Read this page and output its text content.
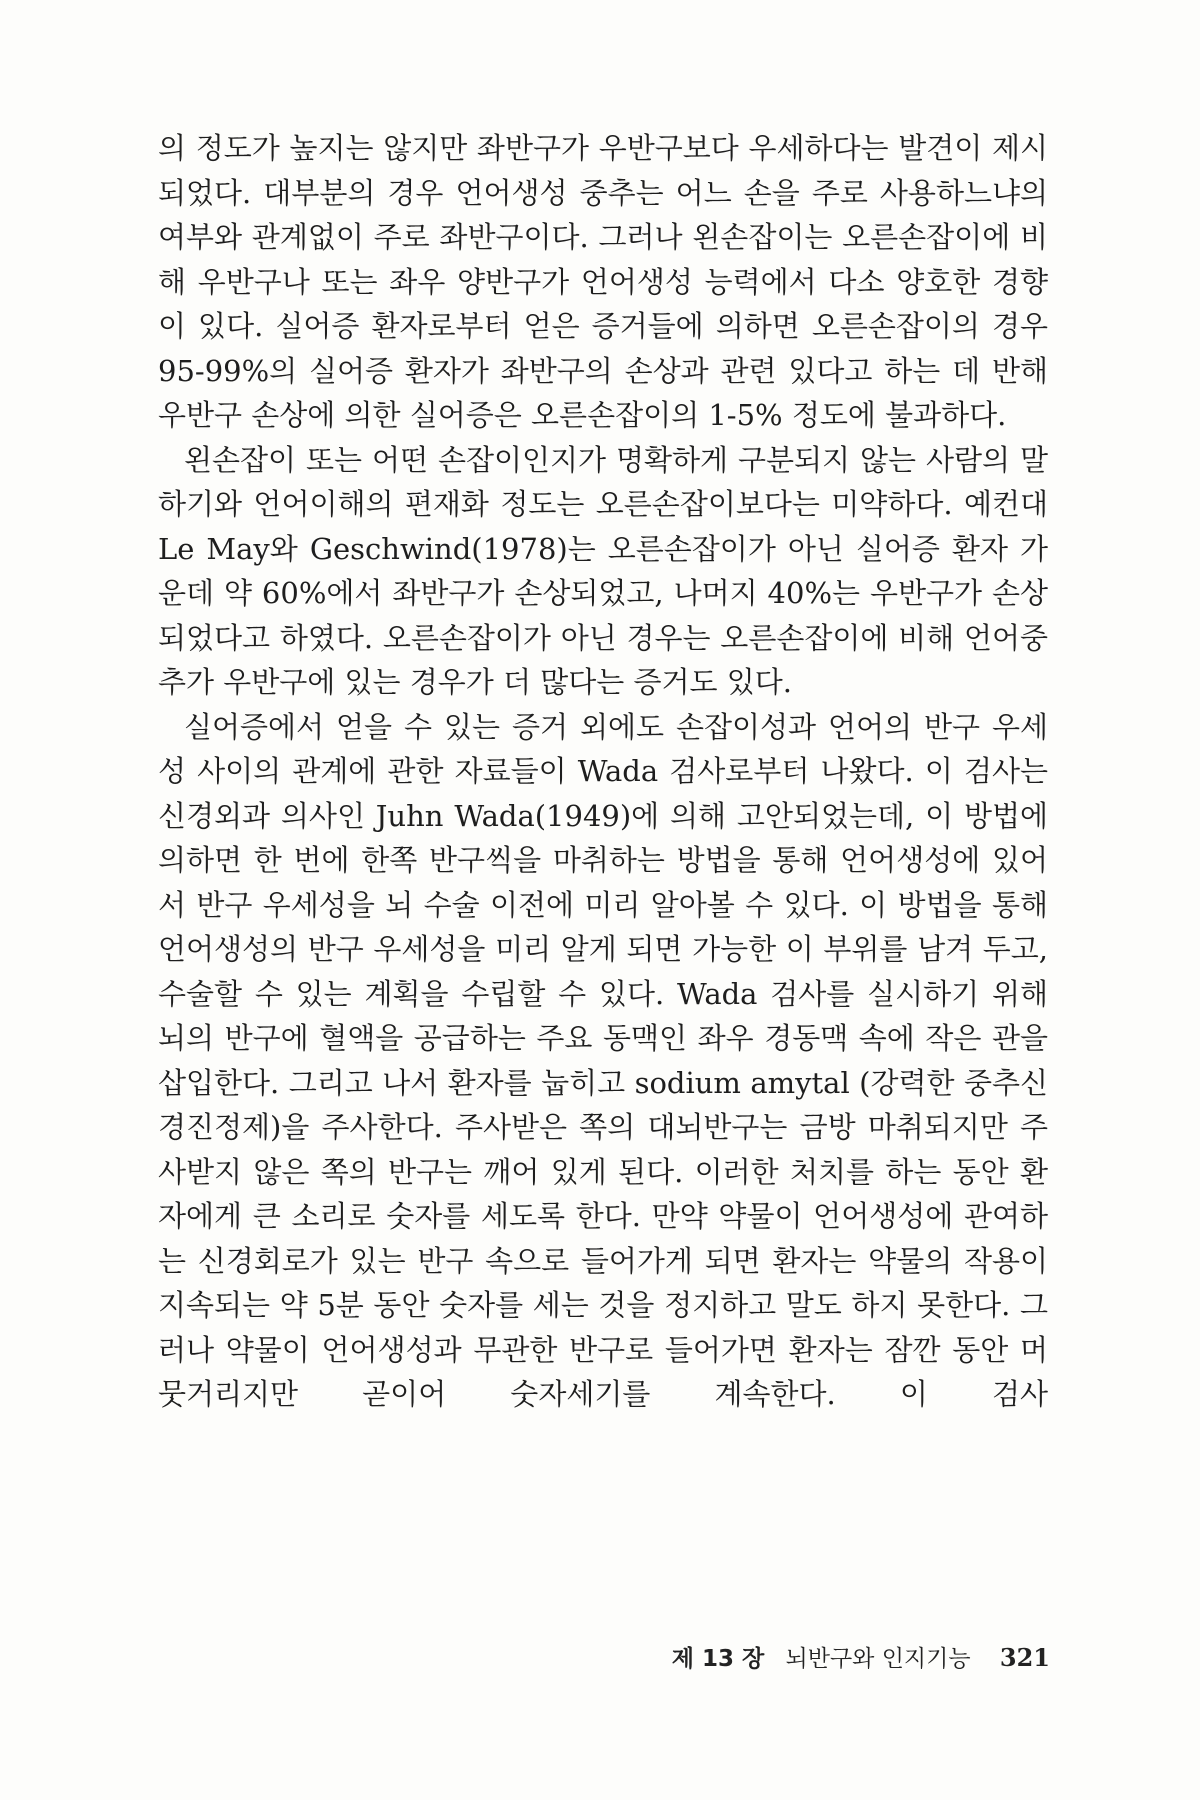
의 정도가 높지는 않지만 좌반구가 우반구보다 우세하다는 발견이 제시되었다. 대부분의 경우 언어생성 중추는 어느 손을 주로 사용하느냐의 여부와 관계없이 주로 좌반구이다. 그러나 왼손잡이는 오른손잡이에 비해 우반구나 또는 좌우 양반구가 언어생성 능력에서 다소 양호한 경향이 있다. 실어증 환자로부터 얻은 증거들에 의하면 오른손잡이의 경우 95-99%의 실어증 환자가 좌반구의 손상과 관련 있다고 하는 데 반해 우반구 손상에 의한 실어증은 오른손잡이의 1-5% 정도에 불과하다.

왼손잡이 또는 어떤 손잡이인지가 명확하게 구분되지 않는 사람의 말하기와 언어이해의 편재화 정도는 오른손잡이보다는 미약하다. 예컨대 Le May와 Geschwind(1978)는 오른손잡이가 아닌 실어증 환자 가운데 약 60%에서 좌반구가 손상되었고, 나머지 40%는 우반구가 손상되었다고 하였다. 오른손잡이가 아닌 경우는 오른손잡이에 비해 언어중추가 우반구에 있는 경우가 더 많다는 증거도 있다.

실어증에서 얻을 수 있는 증거 외에도 손잡이성과 언어의 반구 우세성 사이의 관계에 관한 자료들이 Wada 검사로부터 나왔다. 이 검사는 신경외과 의사인 Juhn Wada(1949)에 의해 고안되었는데, 이 방법에 의하면 한 번에 한쪽 반구씩을 마취하는 방법을 통해 언어생성에 있어서 반구 우세성을 뇌 수술 이전에 미리 알아볼 수 있다. 이 방법을 통해 언어생성의 반구 우세성을 미리 알게 되면 가능한 이 부위를 남겨 두고, 수술할 수 있는 계획을 수립할 수 있다. Wada 검사를 실시하기 위해 뇌의 반구에 혈액을 공급하는 주요 동맥인 좌우 경동맥 속에 작은 관을 삽입한다. 그리고 나서 환자를 눕히고 sodium amytal (강력한 중추신경진정제)을 주사한다. 주사받은 쪽의 대뇌반구는 금방 마취되지만 주사받지 않은 쪽의 반구는 깨어 있게 된다. 이러한 처치를 하는 동안 환자에게 큰 소리로 숫자를 세도록 한다. 만약 약물이 언어생성에 관여하는 신경회로가 있는 반구 속으로 들어가게 되면 환자는 약물의 작용이 지속되는 약 5분 동안 숫자를 세는 것을 정지하고 말도 하지 못한다. 그러나 약물이 언어생성과 무관한 반구로 들어가면 환자는 잠깐 동안 머뭇거리지만 곧이어 숫자세기를 계속한다. 이 검사

제 13 장 뇌반구와 인지기능 321
